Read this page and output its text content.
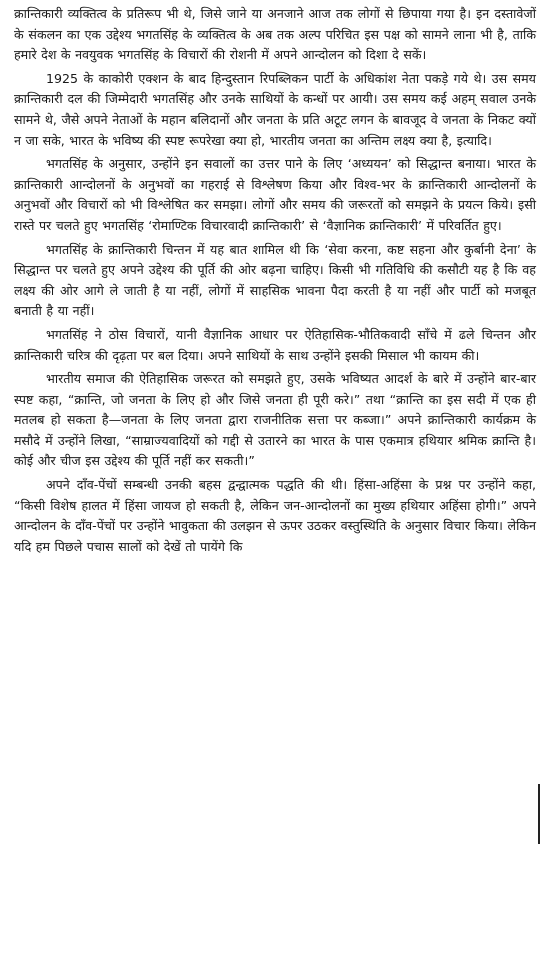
क्रान्तिकारी व्यक्तित्व के प्रतिरूप भी थे, जिसे जाने या अनजाने आज तक लोगों से छिपाया गया है। इन दस्तावेजों के संकलन का एक उद्देश्य भगतसिंह के व्यक्तित्व के अब तक अल्प परिचित इस पक्ष को सामने लाना भी है, ताकि हमारे देश के नवयुवक भगतसिंह के विचारों की रोशनी में अपने आन्दोलन को दिशा दे सकें।

1925 के काकोरी एक्शन के बाद हिन्दुस्तान रिपब्लिकन पार्टी के अधिकांश नेता पकड़े गये थे। उस समय क्रान्तिकारी दल की जिम्मेदारी भगतसिंह और उनके साथियों के कन्धों पर आयी। उस समय कई अहम् सवाल उनके सामने थे, जैसे अपने नेताओं के महान बलिदानों और जनता के प्रति अटूट लगन के बावजूद वे जनता के निकट क्यों न जा सके, भारत के भविष्य की स्पष्ट रूपरेखा क्या हो, भारतीय जनता का अन्तिम लक्ष्य क्या है, इत्यादि।

भगतसिंह के अनुसार, उन्होंने इन सवालों का उत्तर पाने के लिए ‘अध्ययन’ को सिद्धान्त बनाया। भारत के क्रान्तिकारी आन्दोलनों के अनुभवों का गहराई से विश्लेषण किया और विश्व-भर के क्रान्तिकारी आन्दोलनों के अनुभवों और विचारों को भी विश्लेषित कर समझा। लोगों और समय की जरूरतों को समझने के प्रयत्न किये। इसी रास्ते पर चलते हुए भगतसिंह ‘रोमाण्टिक विचारवादी क्रान्तिकारी’ से ‘वैज्ञानिक क्रान्तिकारी’ में परिवर्तित हुए।

भगतसिंह के क्रान्तिकारी चिन्तन में यह बात शामिल थी कि ‘सेवा करना, कष्ट सहना और कुर्बानी देना’ के सिद्धान्त पर चलते हुए अपने उद्देश्य की पूर्ति की ओर बढ़ना चाहिए। किसी भी गतिविधि की कसौटी यह है कि वह लक्ष्य की ओर आगे ले जाती है या नहीं, लोगों में साहसिक भावना पैदा करती है या नहीं और पार्टी को मजबूत बनाती है या नहीं।

भगतसिंह ने ठोस विचारों, यानी वैज्ञानिक आधार पर ऐतिहासिक-भौतिकवादी साँचे में ढले चिन्तन और क्रान्तिकारी चरित्र की दृढ़ता पर बल दिया। अपने साथियों के साथ उन्होंने इसकी मिसाल भी कायम की।

भारतीय समाज की ऐतिहासिक जरूरत को समझते हुए, उसके भविष्यत आदर्श के बारे में उन्होंने बार-बार स्पष्ट कहा, “क्रान्ति, जो जनता के लिए हो और जिसे जनता ही पूरी करे।” तथा “क्रान्ति का इस सदी में एक ही मतलब हो सकता है—जनता के लिए जनता द्वारा राजनीतिक सत्ता पर कब्जा।” अपने क्रान्तिकारी कार्यक्रम के मसौदे में उन्होंने लिखा, “साम्राज्यवादियों को गद्दी से उतारने का भारत के पास एकमात्र हथियार श्रमिक क्रान्ति है। कोई और चीज इस उद्देश्य की पूर्ति नहीं कर सकती।”

अपने दाँव-पेंचों सम्बन्धी उनकी बहस द्वन्द्वात्मक पद्धति की थी। हिंसा-अहिंसा के प्रश्न पर उन्होंने कहा, “किसी विशेष हालत में हिंसा जायज हो सकती है, लेकिन जन-आन्दोलनों का मुख्य हथियार अहिंसा होगी।” अपने आन्दोलन के दाँव-पेंचों पर उन्होंने भावुकता की उलझन से ऊपर उठकर वस्तुस्थिति के अनुसार विचार किया। लेकिन यदि हम पिछले पचास सालों को देखें तो पायेंगे कि
